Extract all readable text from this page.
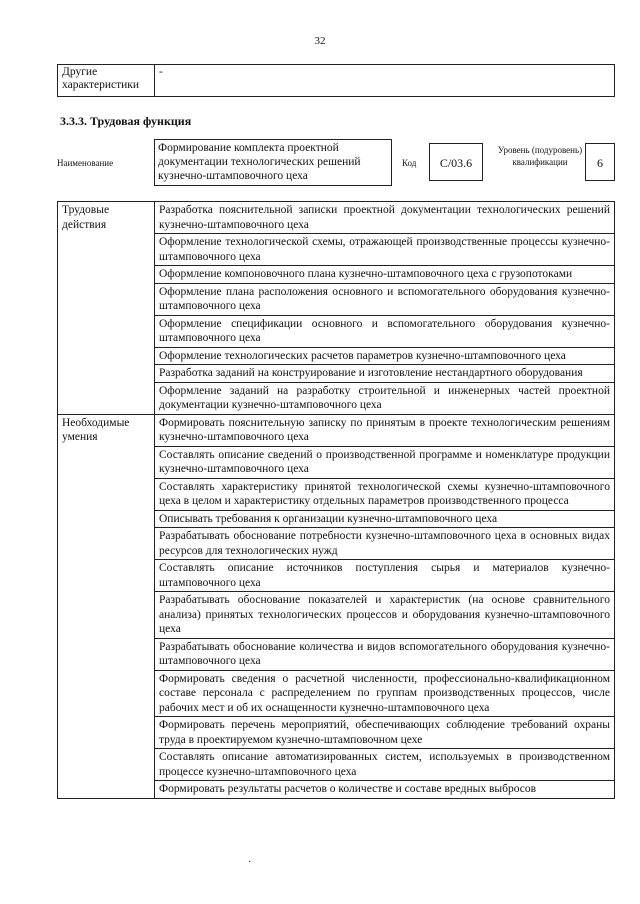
32
Другие характеристики	-
3.3.3. Трудовая функция
Наименование
Формирование комплекта проектной документации технологических решений кузнечно-штамповочного цеха
Код	C/03.6
Уровень (подуровень) квалификации	6
Трудовые действия	Разработка пояснительной записки проектной документации технологических решений кузнечно-штамповочного цеха
	Оформление технологической схемы, отражающей производственные процессы кузнечно-штамповочного цеха
	Оформление компоновочного плана кузнечно-штамповочного цеха с грузопотоками
	Оформление плана расположения основного и вспомогательного оборудования кузнечно-штамповочного цеха
	Оформление спецификации основного и вспомогательного оборудования кузнечно-штамповочного цеха
	Оформление технологических расчетов параметров кузнечно-штамповочного цеха
	Разработка заданий на конструирование и изготовление нестандартного оборудования
	Оформление заданий на разработку строительной и инженерных частей проектной документации кузнечно-штамповочного цеха
Необходимые умения	Формировать пояснительную записку по принятым в проекте технологическим решениям кузнечно-штамповочного цеха
	Составлять описание сведений о производственной программе и номенклатуре продукции кузнечно-штамповочного цеха
	Составлять характеристику принятой технологической схемы кузнечно-штамповочного цеха в целом и характеристику отдельных параметров производственного процесса
	Описывать требования к организации кузнечно-штамповочного цеха
	Разрабатывать обоснование потребности кузнечно-штамповочного цеха в основных видах ресурсов для технологических нужд
	Составлять описание источников поступления сырья и материалов кузнечно-штамповочного цеха
	Разрабатывать обоснование показателей и характеристик (на основе сравнительного анализа) принятых технологических процессов и оборудования кузнечно-штамповочного цеха
	Разрабатывать обоснование количества и видов вспомогательного оборудования кузнечно-штамповочного цеха
	Формировать сведения о расчетной численности, профессионально-квалификационном составе персонала с распределением по группам производственных процессов, числе рабочих мест и об их оснащенности кузнечно-штамповочного цеха
	Формировать перечень мероприятий, обеспечивающих соблюдение требований охраны труда в проектируемом кузнечно-штамповочном цехе
	Составлять описание автоматизированных систем, используемых в производственном процессе кузнечно-штамповочного цеха
	Формировать результаты расчетов о количестве и составе вредных выбросов
·
